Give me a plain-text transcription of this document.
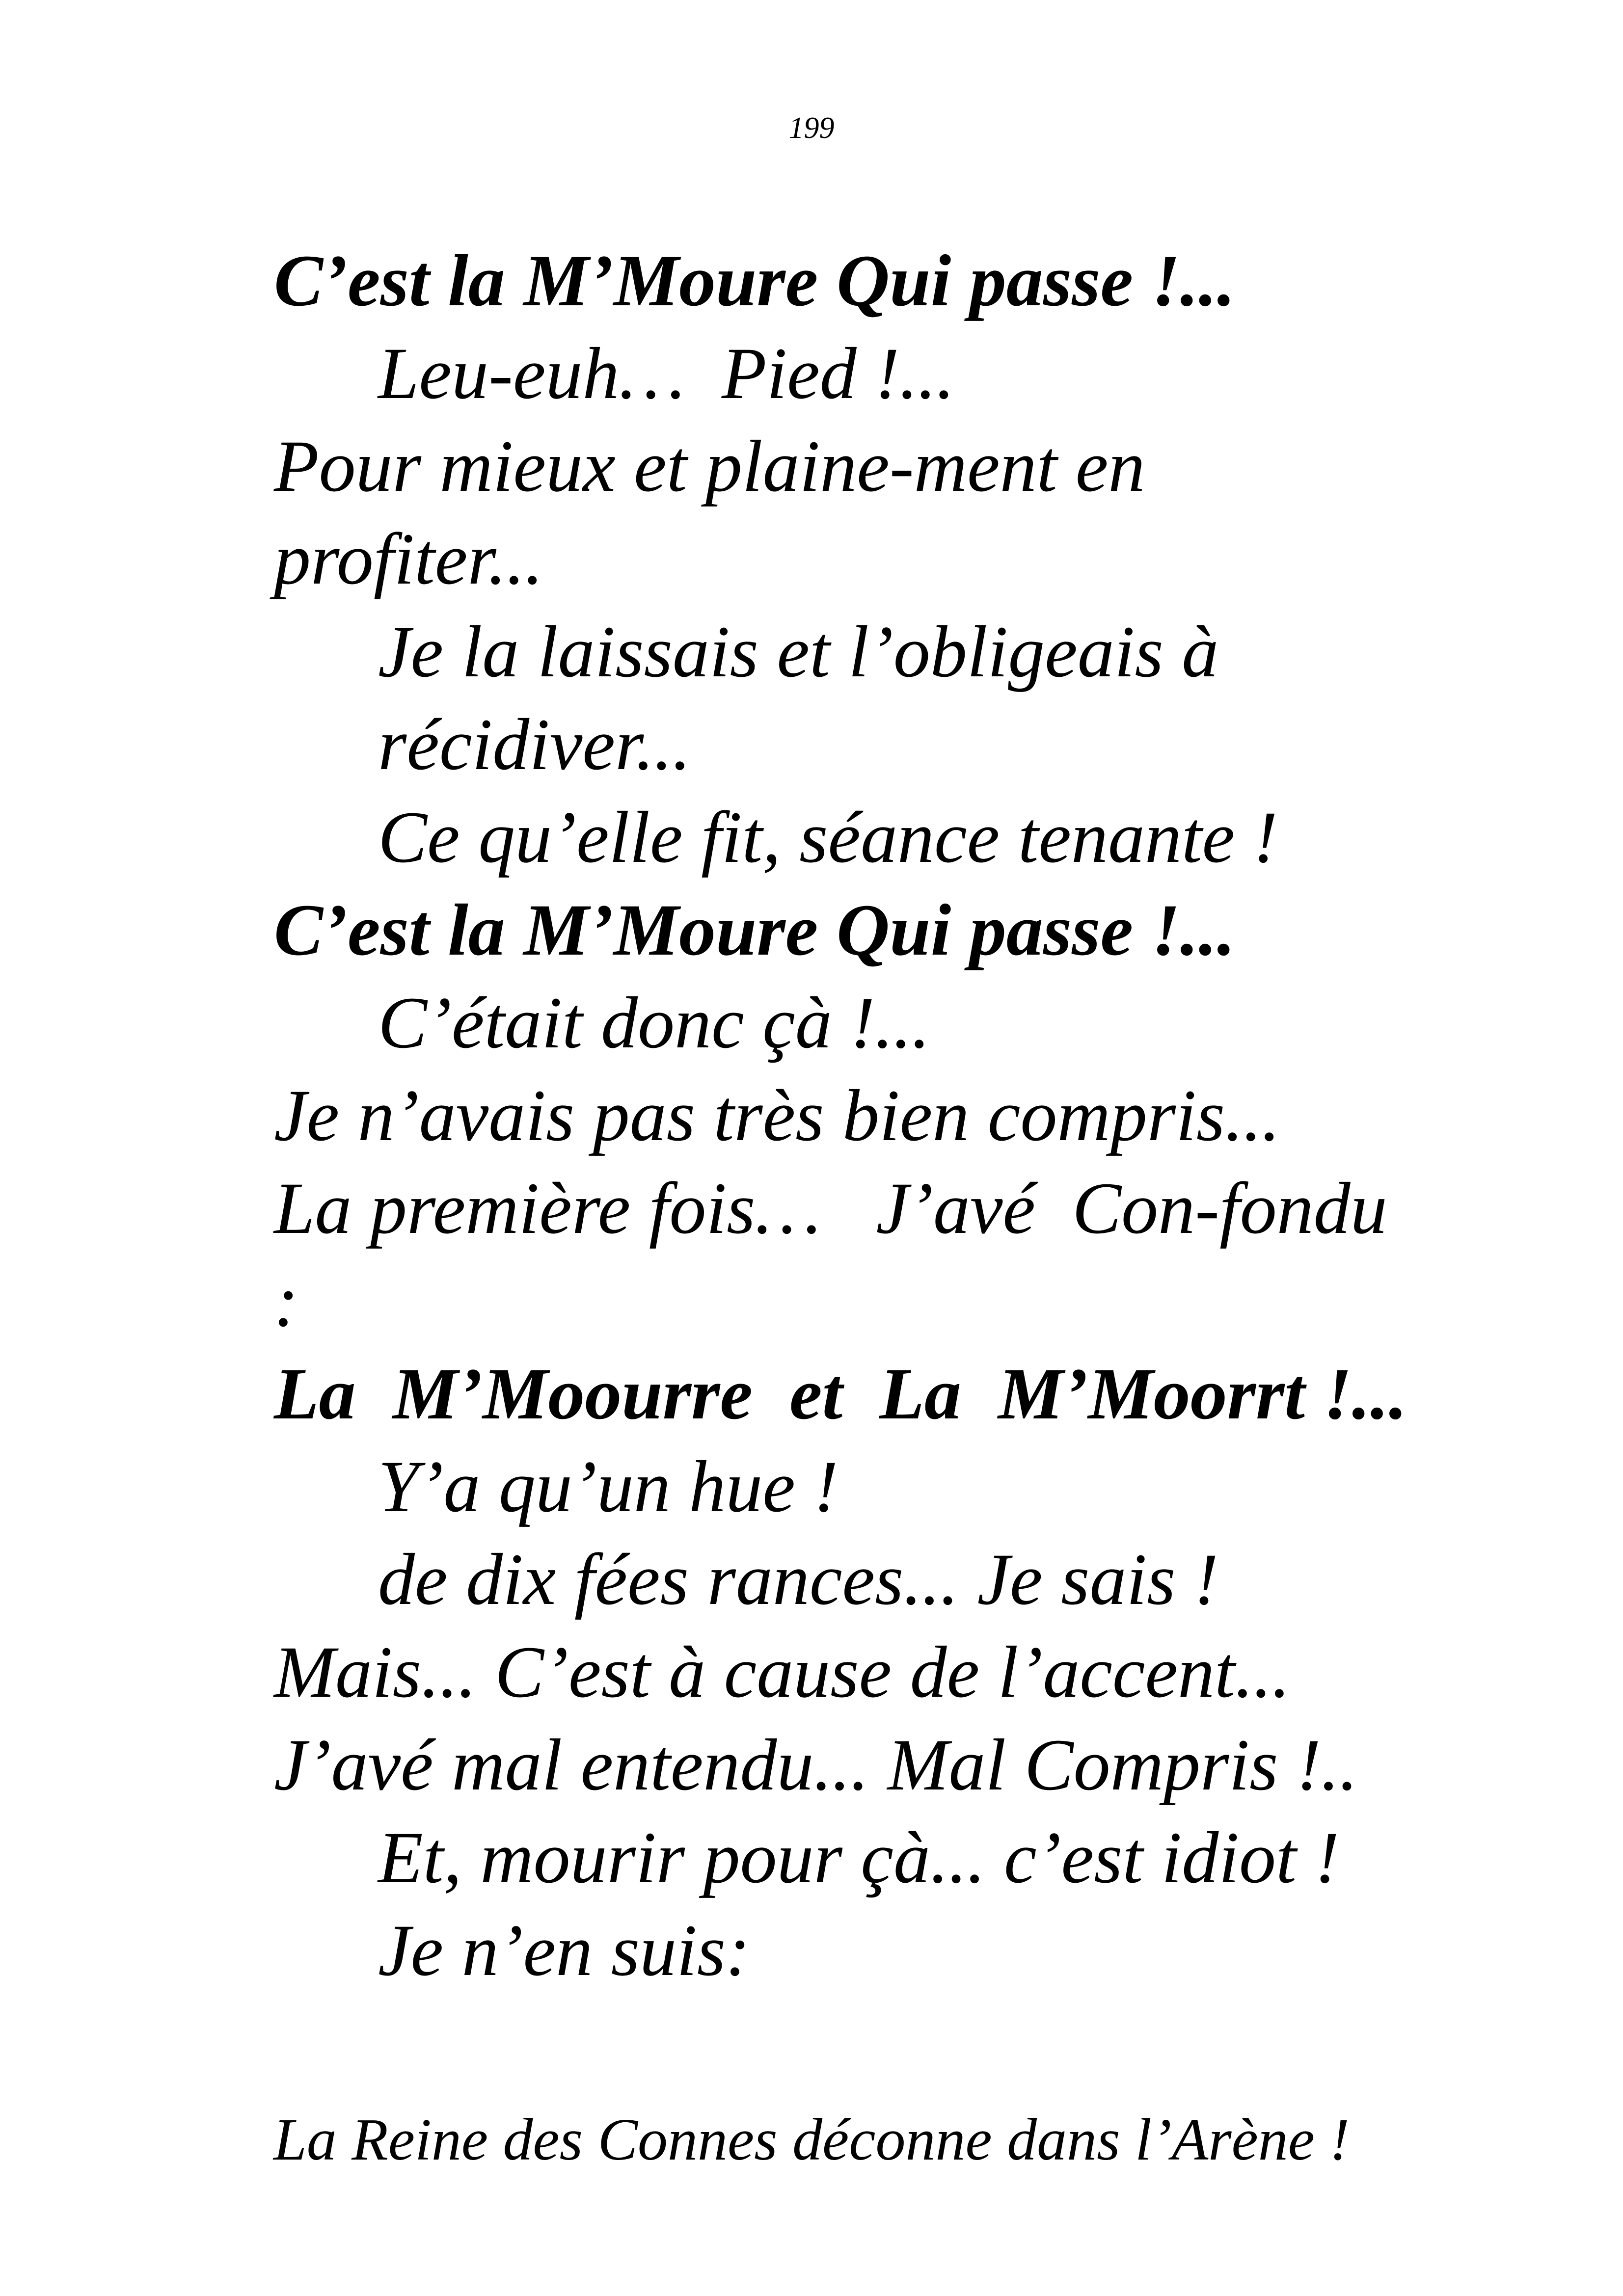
199
C’est la M’Moure Qui passe !...
Leu-euh…  Pied !...
Pour mieux et plaine-ment en
profiter...
Je la laissais et l’obligeais à
récidiver...
Ce qu’elle fit, séance tenante !
C’est la M’Moure Qui passe !...
C’était donc çà !...
Je n’avais pas très bien compris...
La première fois…   J’avé  Con-fondu
:
La  M’Moourre  et  La  M’Moorrt !...
Y’a qu’un hue !
de dix fées rances... Je sais !
Mais... C’est à cause de l’accent...
J’avé mal entendu... Mal Compris !..
Et, mourir pour çà... c’est idiot !
Je n’en suis:
La Reine des Connes déconne dans l’Arène !
